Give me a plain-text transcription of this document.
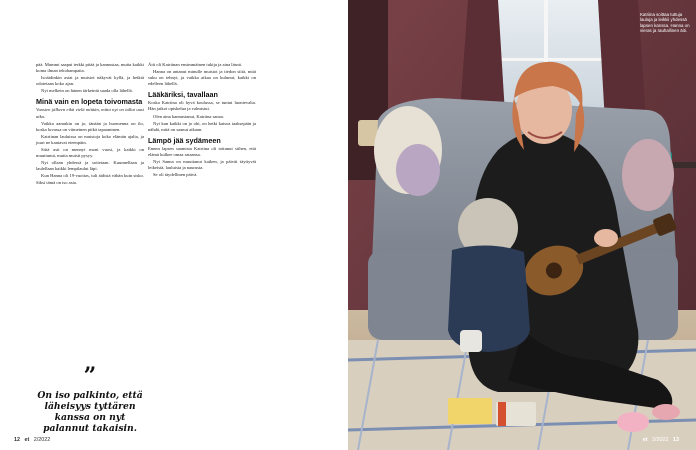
pää. Mummi saapui terkki pitää ja kannustaa, mutta kaikki koma ilman tekohampaita.

Isoäidinkin asiat ja muistot näkyvät kyllä, ja hetkiä odotetaan koko ajan.

Nyt melkein on hänen tärkeintä saada olla lähellä.

Minä vain en lopeta toivomasta

Vuosien jälkeen eikä vielä mitään, mitta nyt on tullut uusi aika.

Vaikka aamukin on jo, tänään ja huomenna on ilo, koska luvassa on viimeinen pitkä tapaaminen.

Katriinan lauluissa on muistoja koko elämän ajalta, ja juuri ne kantavat eteenpäin.

Siitä asti on mennyt moni vuosi, ja kaikki on muuttunut, mutta muisti pysyy.

Nyt ollaan yhdessä ja soitetaan. Kuunnellaan ja laulellaan kaikki lempilaulut läpi.

Kun Hanna oli 19-vuotias, tuli äidistä vähän kuin sisko. Siksi tämä on iso asia.

”
On iso palkinto, että läheisyys tyttären kanssa on nyt palannut takaisin.

Äiti oli Katriinan ensimmäinen tukija ja aina läsnä.

Hanna on antanut minulle muistot ja tiedon siitä, mitä suku on tehnyt, ja vaikka aikaa on kulunut, kaikki on edelleen lähellä.

Lääkäriksi, tavallaan

Koska Katriina oli hyvä koulussa, se tuntui luontevalta. Hän jatkoi opiskelua ja valmistui.

Olen aina kannustanut, Katriina sanoo.

Nyt kun kaikki on jo ohi, on hetki katsoa taaksepäin ja nähdä, mitä on saanut aikaan.

Lämpö jää sydämeen

Ennen lapsen saamista Katriina oli tottunut siihen, että elämä kulkee omaa rataansa.

Nyt Sanna on muuttanut kaiken, ja päivät täyttyvät leikeistä, lauluista ja naurusta.

Se oli täydellinen päivä.

12 et 2/2022
Katriina soittaa tuttuja lauluja ja leikkii yhdessä lapsen kanssa. Hanna on vieras ja rauhallinen äiti.
et 2/2022 13
